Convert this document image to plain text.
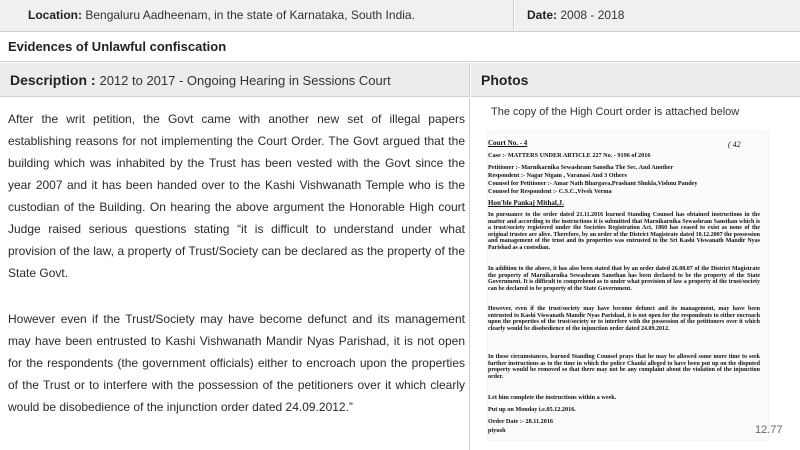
Location: Bengaluru Aadheenam, in the state of Karnataka, South India.	Date: 2008 - 2018
Evidences of Unlawful confiscation
Description : 2012 to 2017 - Ongoing Hearing in Sessions Court	Photos

After the writ petition, the Govt came with another new set of illegal papers establishing reasons for not implementing the Court Order. The Govt argued that the building which was inhabited by the Trust has been vested with the Govt since the year 2007 and it has been handed over to the Kashi Vishwanath Temple who is the custodian of the Building. On hearing the above argument the Honorable High court Judge raised serious questions stating “it is difficult to understand under what provision of the law, a property of Trust/Society can be declared as the property of the State Govt.

However even if the Trust/Society may have become defunct and its management may have been entrusted to Kashi Vishwanath Mandir Nyas Parishad, it is not open for the respondents (the government officials) either to encroach upon the properties of the Trust or to interfere with the possession of the petitioners over it which clearly would be disobedience of the injunction order dated 24.09.2012.”

The copy of the High Court order is attached below
Court No. - 4	( 42
Case :- MATTERS UNDER ARTICLE 227 No. - 9196 of 2016
Petitioner :- Marnikarnika Sewashram Sanstha The Sec. And Another
Respondent :- Nagar Nigam , Varanasi And 3 Others
Counsel for Petitioner :- Amar Nath Bhargava,Prashant Shukla,Vishnu Pandey
Counsel for Respondent :- C.S.C.,Vivek Verma
Hon'ble Pankaj Mithal,J.
In pursuance to the order dated 21.11.2016 learned Standing Counsel has obtained instructions in the matter and according to the instructions it is submitted that Marnikarnika Sewashram Sansthan which is a trust/society registered under the Societies Registration Act, 1860 has ceased to exist as none of the original trustee are alive. Therefore, by an order of the District Magistrate dated 10.12.2007 the possession and management of the trust and its properties was entrusted to the Sri Kashi Viswanath Mandir Nyas Parishad as a custodian.
In addition to the above, it has also been stated that by an order dated 26.08.07 of the District Magistrate the property of Marnikarnika Sewashram Sansthan has been declared to be the property of the State Government. It is difficult to comprehend as to under what provision of law a property of the trust/society can be declared to be property of the State Government.
However, even if the trust/society may have become defunct and its management, may have been entrusted to Kashi Viswanath Mandir Nyas Parishad, it is not open for the respondents to either encroach upon the properties of the trust/society or to interfere with the possession of the petitioners over it which clearly would be disobedience of the injunction order dated 24.09.2012.
In these circumstances, learned Standing Counsel prays that he may be allowed some more time to seek further instructions as to the time in which the police Chauki alleged to have been put up on the disputed property would be removed so that there may not be any complaint about the violation of the injunction order.
Let him complete the instructions within a week.
Put up on Monday i.e.05.12.2016.
Order Date :- 28.11.2016
piyush	12.77
